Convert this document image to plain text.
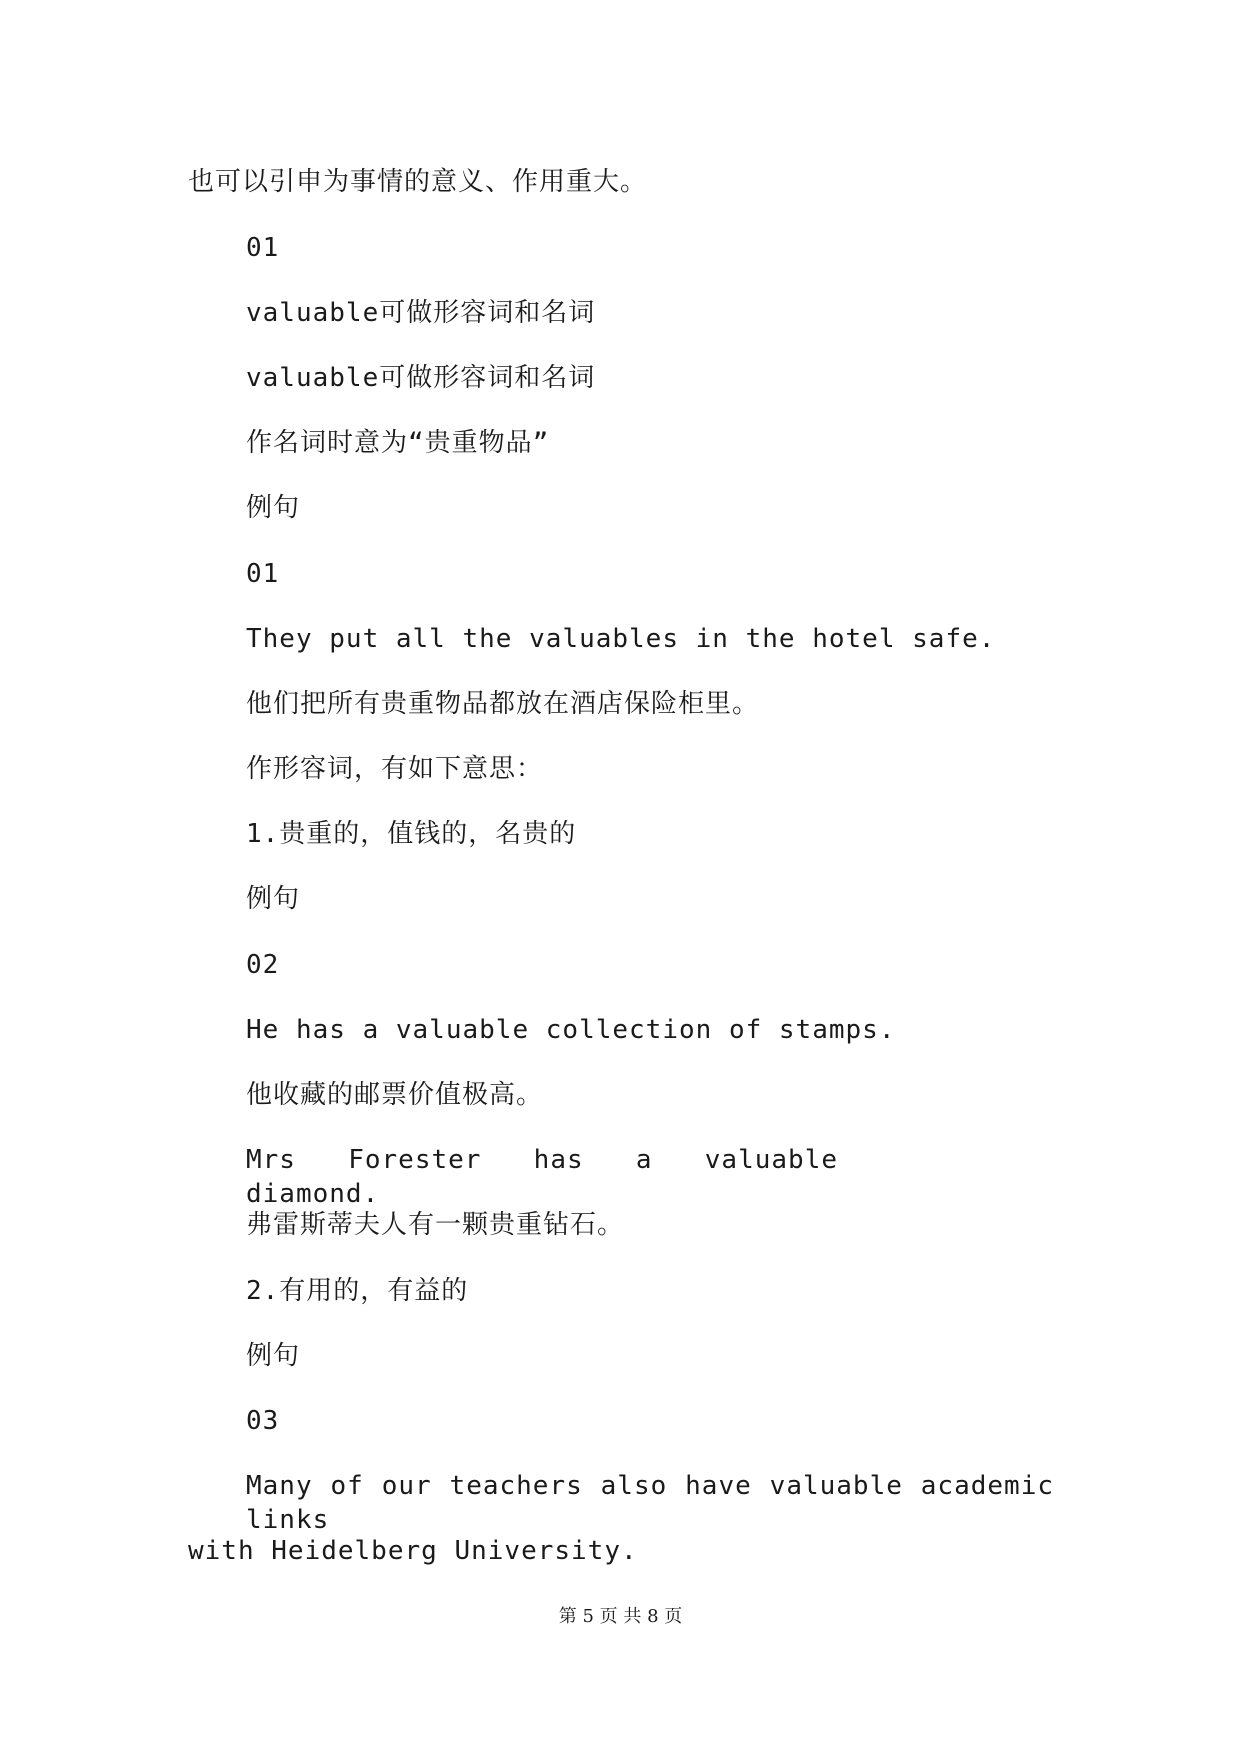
也可以引申为事情的意义、作用重大。
01
valuable可做形容词和名词
valuable可做形容词和名词
作名词时意为“贵重物品”
例句
01
They put all the valuables in the hotel safe.
他们把所有贵重物品都放在酒店保险柜里。
作形容词，有如下意思：
1.贵重的，值钱的，名贵的
例句
02
He has a valuable collection of stamps.
他收藏的邮票价值极高。
Mrs Forester has a valuable diamond.
弗雷斯蒂夫人有一颗贵重钻石。
2.有用的，有益的
例句
03
Many of our teachers also have valuable academic links
with Heidelberg University.
第 5 页 共 8 页
